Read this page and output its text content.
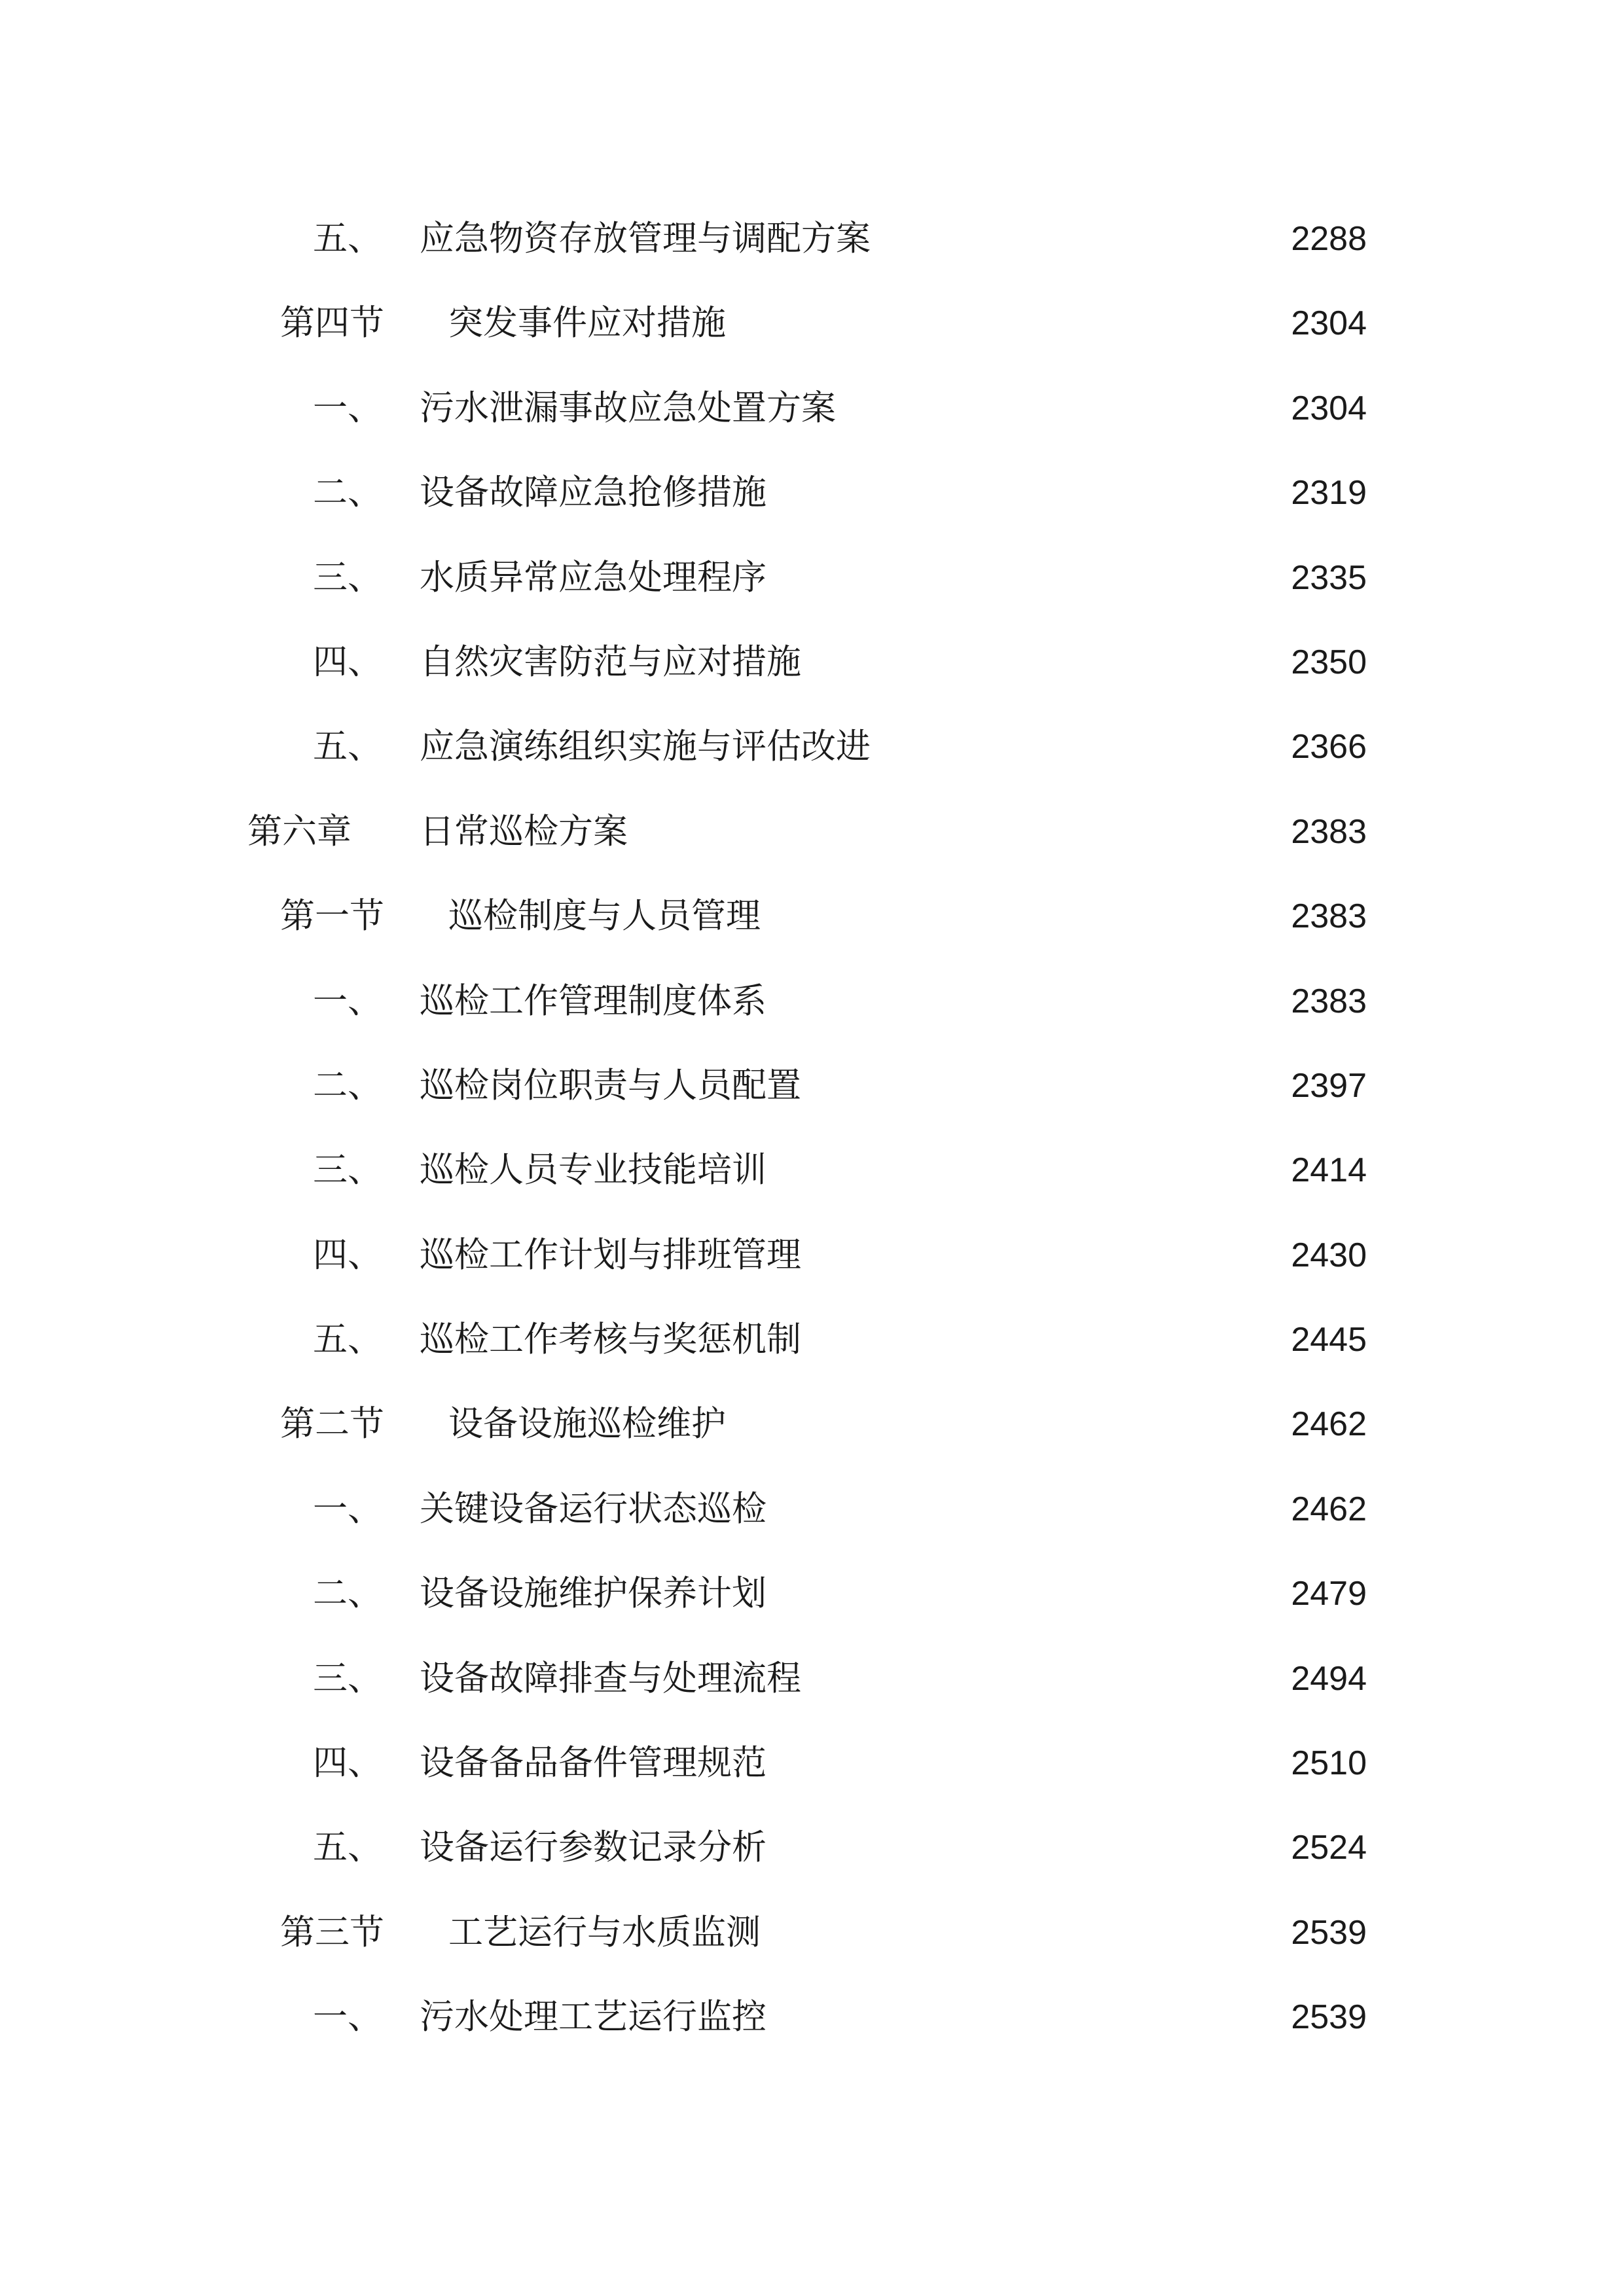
五、 应急物资存放管理与调配方案	2288
第四节 突发事件应对措施	2304
一、 污水泄漏事故应急处置方案	2304
二、 设备故障应急抢修措施	2319
三、 水质异常应急处理程序	2335
四、 自然灾害防范与应对措施	2350
五、 应急演练组织实施与评估改进	2366
第六章 日常巡检方案	2383
第一节 巡检制度与人员管理	2383
一、 巡检工作管理制度体系	2383
二、 巡检岗位职责与人员配置	2397
三、 巡检人员专业技能培训	2414
四、 巡检工作计划与排班管理	2430
五、 巡检工作考核与奖惩机制	2445
第二节 设备设施巡检维护	2462
一、 关键设备运行状态巡检	2462
二、 设备设施维护保养计划	2479
三、 设备故障排查与处理流程	2494
四、 设备备品备件管理规范	2510
五、 设备运行参数记录分析	2524
第三节 工艺运行与水质监测	2539
一、 污水处理工艺运行监控	2539
